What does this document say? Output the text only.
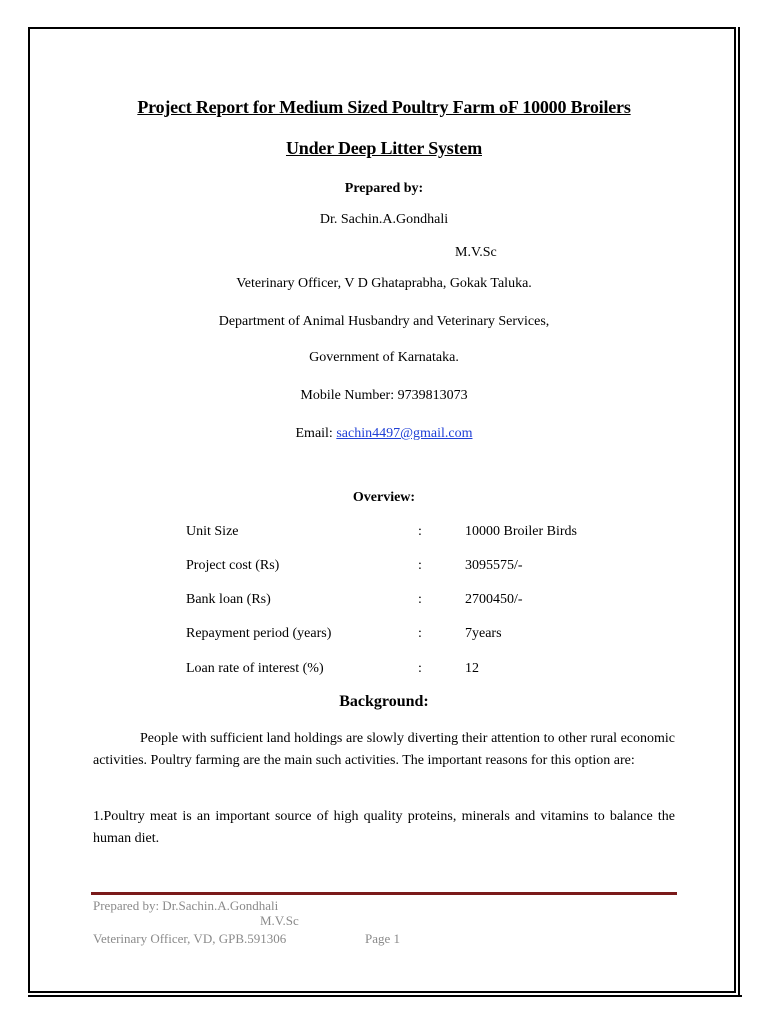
Project Report for Medium Sized Poultry Farm oF 10000 Broilers
Under Deep Litter System
Prepared by:
Dr. Sachin.A.Gondhali
M.V.Sc
Veterinary Officer, V D Ghataprabha, Gokak Taluka.
Department of Animal Husbandry and Veterinary Services,
Government of Karnataka.
Mobile Number: 9739813073
Email: sachin4497@gmail.com
Overview:
Unit Size	:	10000 Broiler Birds
Project cost (Rs)	:	3095575/-
Bank loan (Rs)	:	2700450/-
Repayment period (years)	:	7years
Loan rate of interest (%)	:	12
Background:
People with sufficient land holdings are slowly diverting their attention to other rural economic activities. Poultry farming are the main such activities. The important reasons for this option are:
1.Poultry meat is an important source of high quality proteins, minerals and vitamins to balance the human diet.
Prepared by: Dr.Sachin.A.Gondhali
M.V.Sc
Veterinary Officer, VD, GPB.591306	Page 1
